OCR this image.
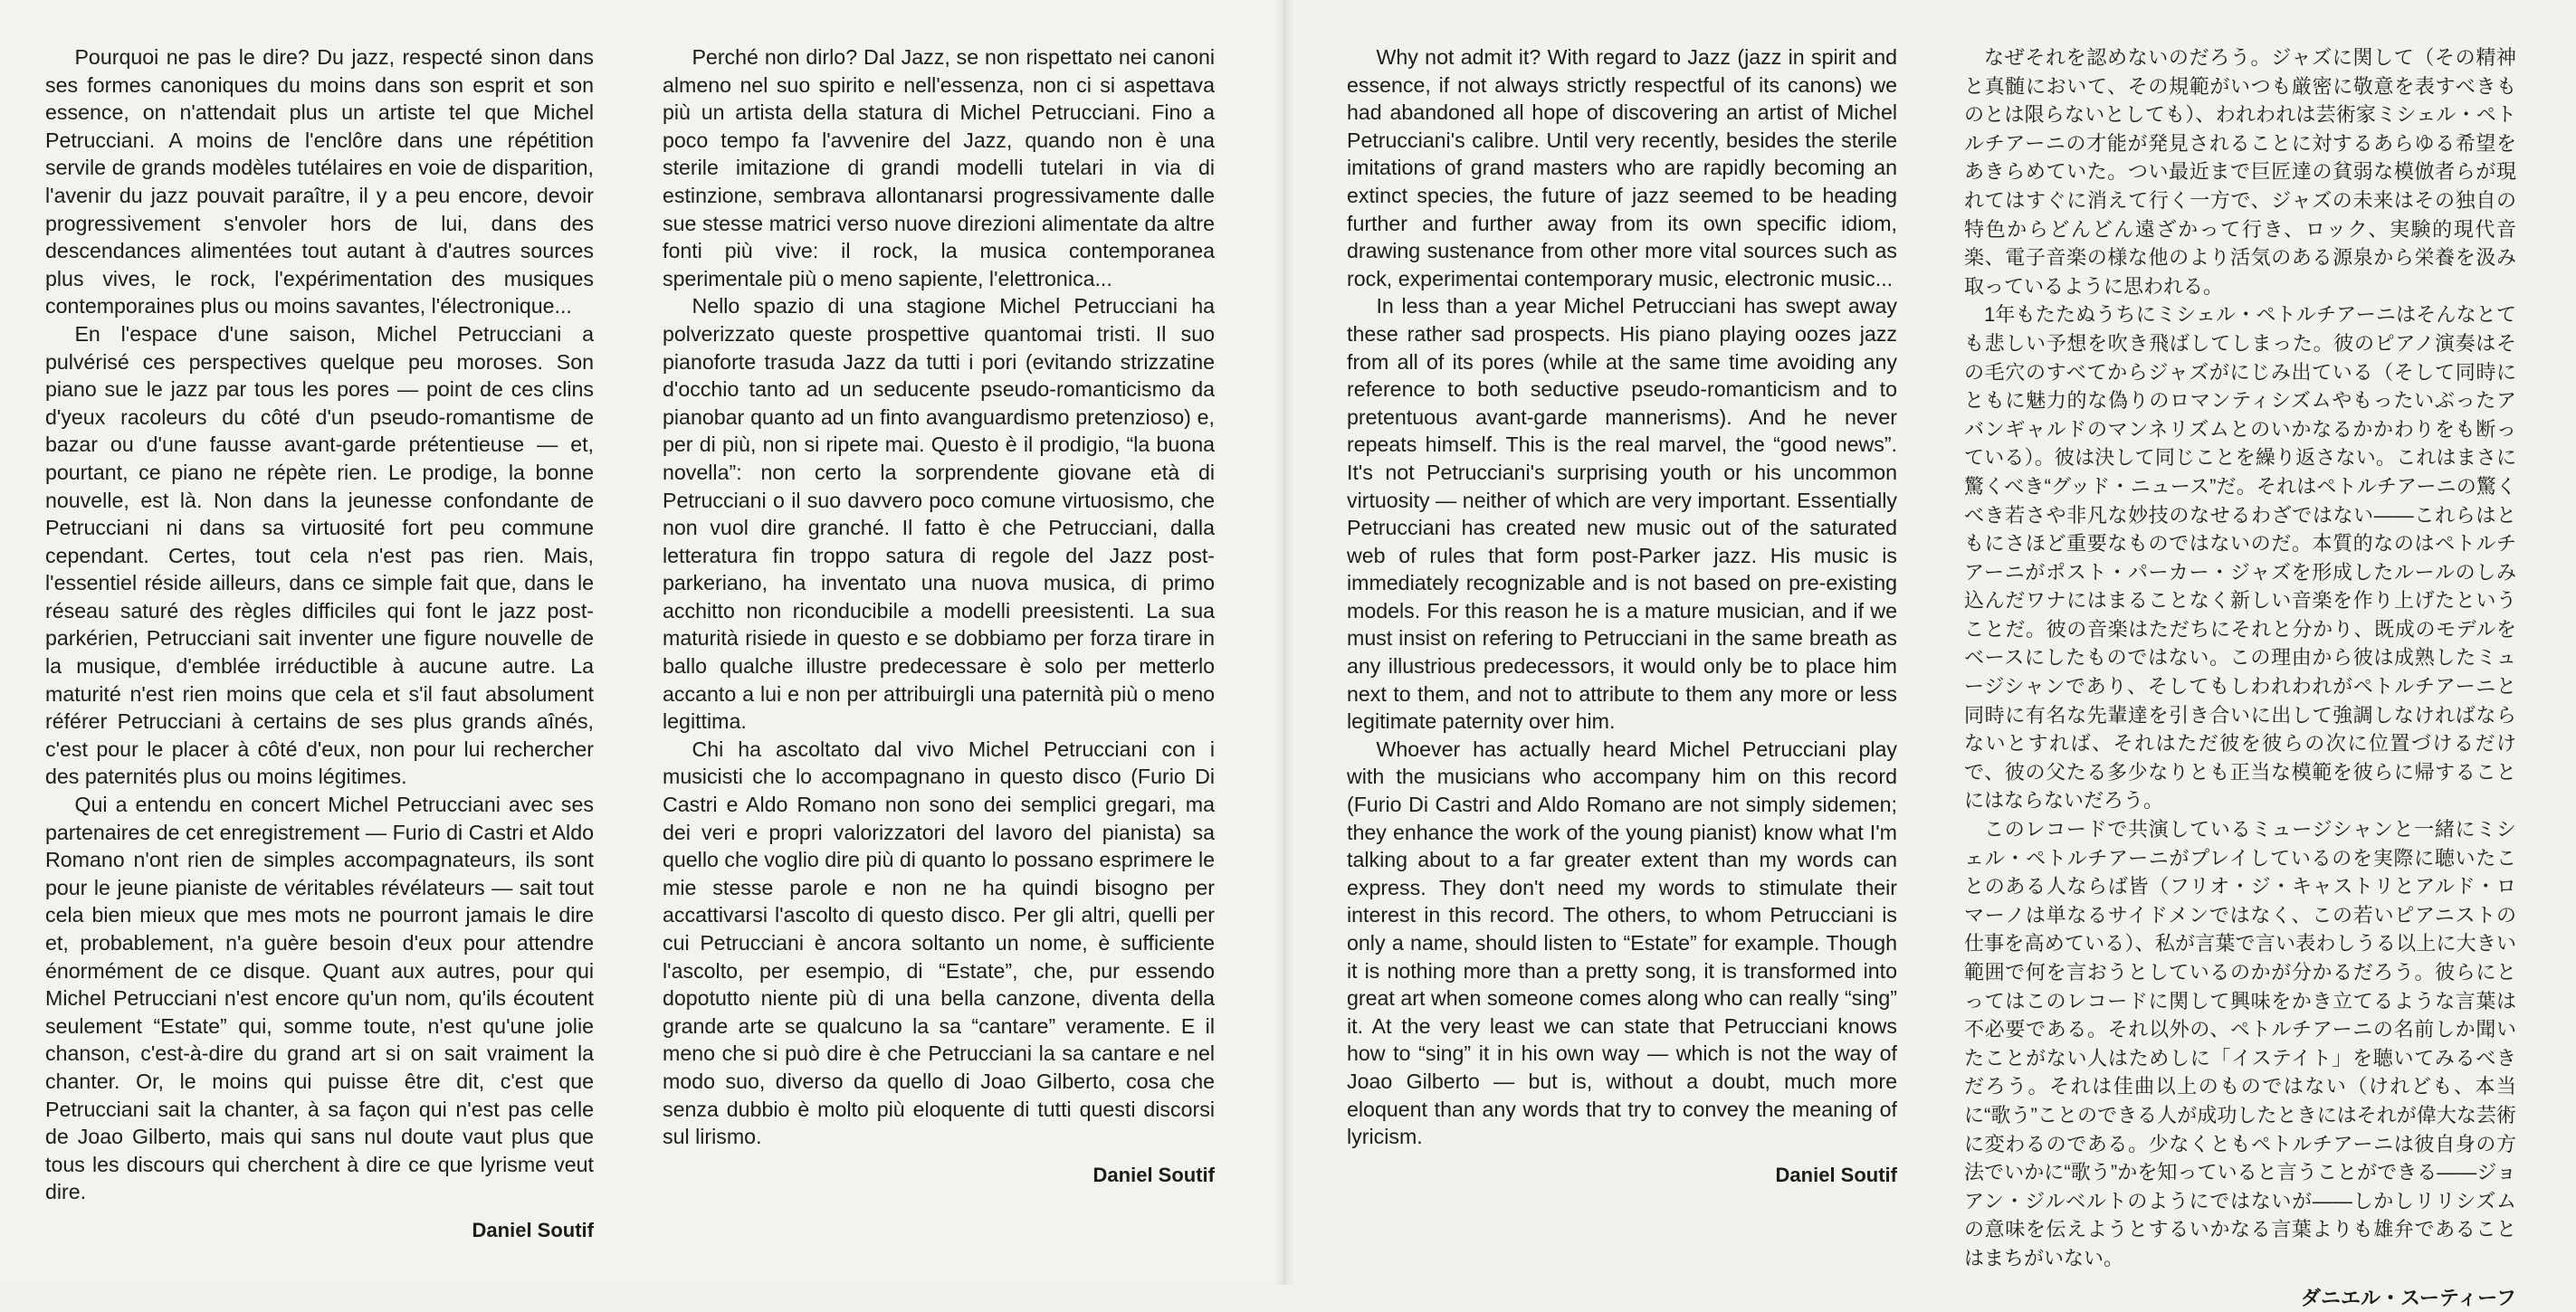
Pourquoi ne pas le dire? Du jazz, respecté sinon dans ses formes canoniques du moins dans son esprit et son essence, on n'attendait plus un artiste tel que Michel Petrucciani. A moins de l'enclôre dans une répétition servile de grands modèles tutélaires en voie de disparition, l'avenir du jazz pouvait paraître, il y a peu encore, devoir progressivement s'envoler hors de lui, dans des descendances alimentées tout autant à d'autres sources plus vives, le rock, l'expérimentation des musiques contemporaines plus ou moins savantes, l'électronique...

En l'espace d'une saison, Michel Petrucciani a pulvérisé ces perspectives quelque peu moroses. Son piano sue le jazz par tous les pores — point de ces clins d'yeux racoleurs du côté d'un pseudo-romantisme de bazar ou d'une fausse avant-garde prétentieuse — et, pourtant, ce piano ne répète rien. Le prodige, la bonne nouvelle, est là. Non dans la jeunesse confondante de Petrucciani ni dans sa virtuosité fort peu commune cependant. Certes, tout cela n'est pas rien. Mais, l'essentiel réside ailleurs, dans ce simple fait que, dans le réseau saturé des règles difficiles qui font le jazz post-parkérien, Petrucciani sait inventer une figure nouvelle de la musique, d'emblée irréductible à aucune autre. La maturité n'est rien moins que cela et s'il faut absolument référer Petrucciani à certains de ses plus grands aînés, c'est pour le placer à côté d'eux, non pour lui rechercher des paternités plus ou moins légitimes.

Qui a entendu en concert Michel Petrucciani avec ses partenaires de cet enregistrement — Furio di Castri et Aldo Romano n'ont rien de simples accompagnateurs, ils sont pour le jeune pianiste de véritables révélateurs — sait tout cela bien mieux que mes mots ne pourront jamais le dire et, probablement, n'a guère besoin d'eux pour attendre énormément de ce disque. Quant aux autres, pour qui Michel Petrucciani n'est encore qu'un nom, qu'ils écoutent seulement “Estate” qui, somme toute, n'est qu'une jolie chanson, c'est-à-dire du grand art si on sait vraiment la chanter. Or, le moins qui puisse être dit, c'est que Petrucciani sait la chanter, à sa façon qui n'est pas celle de Joao Gilberto, mais qui sans nul doute vaut plus que tous les discours qui cherchent à dire ce que lyrisme veut dire.

Daniel Soutif

Perché non dirlo? Dal Jazz, se non rispettato nei canoni almeno nel suo spirito e nell'essenza, non ci si aspettava più un artista della statura di Michel Petrucciani. Fino a poco tempo fa l'avvenire del Jazz, quando non è una sterile imitazione di grandi modelli tutelari in via di estinzione, sembrava allontanarsi progressivamente dalle sue stesse matrici verso nuove direzioni alimentate da altre fonti più vive: il rock, la musica contemporanea sperimentale più o meno sapiente, l'elettronica...

Nello spazio di una stagione Michel Petrucciani ha polverizzato queste prospettive quantomai tristi. Il suo pianoforte trasuda Jazz da tutti i pori (evitando strizzatine d'occhio tanto ad un seducente pseudo-romanticismo da pianobar quanto ad un finto avanguardismo pretenzioso) e, per di più, non si ripete mai. Questo è il prodigio, “la buona novella”: non certo la sorprendente giovane età di Petrucciani o il suo davvero poco comune virtuosismo, che non vuol dire granché. Il fatto è che Petrucciani, dalla letteratura fin troppo satura di regole del Jazz post-parkeriano, ha inventato una nuova musica, di primo acchitto non riconducibile a modelli preesistenti. La sua maturità risiede in questo e se dobbiamo per forza tirare in ballo qualche illustre predecessare è solo per metterlo accanto a lui e non per attribuirgli una paternità più o meno legittima.

Chi ha ascoltato dal vivo Michel Petrucciani con i musicisti che lo accompagnano in questo disco (Furio Di Castri e Aldo Romano non sono dei semplici gregari, ma dei veri e propri valorizzatori del lavoro del pianista) sa quello che voglio dire più di quanto lo possano esprimere le mie stesse parole e non ne ha quindi bisogno per accattivarsi l'ascolto di questo disco. Per gli altri, quelli per cui Petrucciani è ancora soltanto un nome, è sufficiente l'ascolto, per esempio, di “Estate”, che, pur essendo dopotutto niente più di una bella canzone, diventa della grande arte se qualcuno la sa “cantare” veramente. E il meno che si può dire è che Petrucciani la sa cantare e nel modo suo, diverso da quello di Joao Gilberto, cosa che senza dubbio è molto più eloquente di tutti questi discorsi sul lirismo.

Daniel Soutif

Why not admit it? With regard to Jazz (jazz in spirit and essence, if not always strictly respectful of its canons) we had abandoned all hope of discovering an artist of Michel Petrucciani's calibre. Until very recently, besides the sterile imitations of grand masters who are rapidly becoming an extinct species, the future of jazz seemed to be heading further and further away from its own specific idiom, drawing sustenance from other more vital sources such as rock, experimentai contemporary music, electronic music...

In less than a year Michel Petrucciani has swept away these rather sad prospects. His piano playing oozes jazz from all of its pores (while at the same time avoiding any reference to both seductive pseudo-romanticism and to pretentuous avant-garde mannerisms). And he never repeats himself. This is the real marvel, the “good news”. It's not Petrucciani's surprising youth or his uncommon virtuosity — neither of which are very important. Essentially Petrucciani has created new music out of the saturated web of rules that form post-Parker jazz. His music is immediately recognizable and is not based on pre-existing models. For this reason he is a mature musician, and if we must insist on refering to Petrucciani in the same breath as any illustrious predecessors, it would only be to place him next to them, and not to attribute to them any more or less legitimate paternity over him.

Whoever has actually heard Michel Petrucciani play with the musicians who accompany him on this record (Furio Di Castri and Aldo Romano are not simply sidemen; they enhance the work of the young pianist) know what I'm talking about to a far greater extent than my words can express. They don't need my words to stimulate their interest in this record. The others, to whom Petrucciani is only a name, should listen to “Estate” for example. Though it is nothing more than a pretty song, it is transformed into great art when someone comes along who can really “sing” it. At the very least we can state that Petrucciani knows how to “sing” it in his own way — which is not the way of Joao Gilberto — but is, without a doubt, much more eloquent than any words that try to convey the meaning of lyricism.

Daniel Soutif

なぜそれを認めないのだろう。ジャズに関して（その精神と真髄において、その規範がいつも厳密に敬意を表すべきものとは限らないとしても）、われわれは芸術家ミシェル・ペトルチアーニの才能が発見されることに対するあらゆる希望をあきらめていた。つい最近まで巨匠達の貧弱な模倣者らが現れてはすぐに消えて行く一方で、ジャズの未来はその独自の特色からどんどん遠ざかって行き、ロック、実験的現代音楽、電子音楽の様な他のより活気のある源泉から栄養を汲み取っているように思われる。

1年もたたぬうちにミシェル・ペトルチアーニはそんなとても悲しい予想を吹き飛ばしてしまった。彼のピアノ演奏はその毛穴のすべてからジャズがにじみ出ている（そして同時にともに魅力的な偽りのロマンティシズムやもったいぶったアバンギャルドのマンネリズムとのいかなるかかわりをも断っている）。彼は決して同じことを繰り返さない。これはまさに驚くべき“グッド・ニュース”だ。それはペトルチアーニの驚くべき若さや非凡な妙技のなせるわざではない――これらはともにさほど重要なものではないのだ。本質的なのはペトルチアーニがポスト・パーカー・ジャズを形成したルールのしみ込んだワナにはまることなく新しい音楽を作り上げたということだ。彼の音楽はただちにそれと分かり、既成のモデルをベースにしたものではない。この理由から彼は成熟したミュージシャンであり、そしてもしわれわれがペトルチアーニと同時に有名な先輩達を引き合いに出して強調しなければならないとすれば、それはただ彼を彼らの次に位置づけるだけで、彼の父たる多少なりとも正当な模範を彼らに帰することにはならないだろう。

このレコードで共演しているミュージシャンと一緒にミシェル・ペトルチアーニがプレイしているのを実際に聴いたことのある人ならば皆（フリオ・ジ・キャストリとアルド・ロマーノは単なるサイドメンではなく、この若いピアニストの仕事を高めている）、私が言葉で言い表わしうる以上に大きい範囲で何を言おうとしているのかが分かるだろう。彼らにとってはこのレコードに関して興味をかき立てるような言葉は不必要である。それ以外の、ペトルチアーニの名前しか聞いたことがない人はためしに「イステイト」を聴いてみるべきだろう。それは佳曲以上のものではない（けれども、本当に“歌う”ことのできる人が成功したときにはそれが偉大な芸術に変わるのである。少なくともペトルチアーニは彼自身の方法でいかに“歌う”かを知っていると言うことができる――ジョアン・ジルベルトのようにではないが――しかしリリシズムの意味を伝えようとするいかなる言葉よりも雄弁であることはまちがいない。

ダニエル・スーティーフ
